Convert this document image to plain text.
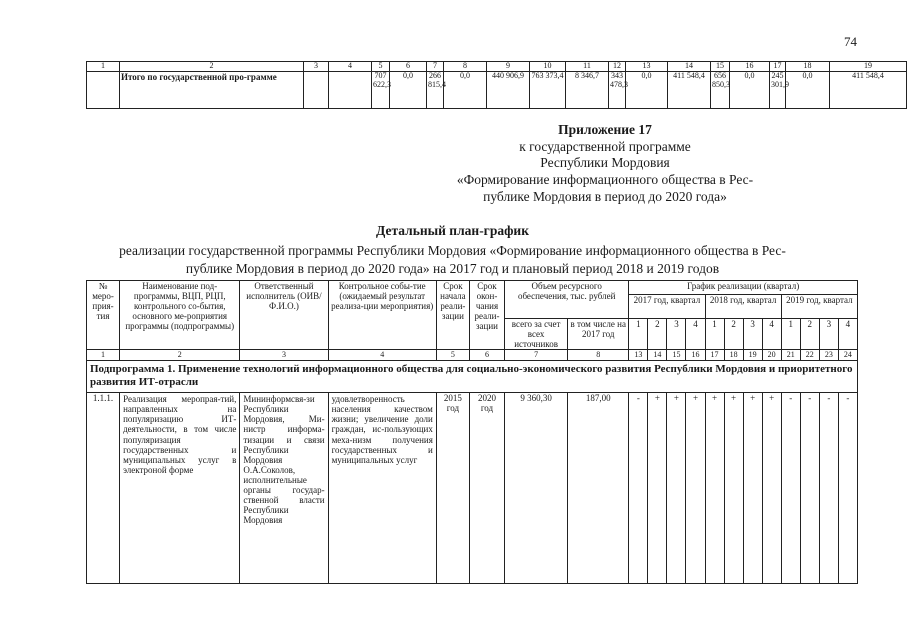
74
1	2	3	4	5	6	7	8	9	10	11	12	13	14	15	16	17	18	19
	Итого по государственной про-грамме			707 622,3	0,0	266 815,4	0,0	440 906,9	763 373,4	8 346,7	343 478,3	0,0	411 548,4	656 850,3	0,0	245 301,9	0,0	411 548,4
Приложение 17
к государственной программе
Республики Мордовия
«Формирование информационного общества в Рес-
публике Мордовия в период до 2020 года»
Детальный план-график
реализации государственной программы Республики Мордовия «Формирование информационного общества в Рес-
публике Мордовия в период до 2020 года» на 2017 год и плановый период 2018 и 2019 годов
№ меро-прия-тия	Наименование под-программы, ВЦП, РЦП, контрольного со-бытия, основного ме-роприятия программы (подпрограммы)	Ответственный исполнитель (ОИВ/ Ф.И.О.)	Контрольное собы-тие (ожидаемый результат реализа-ции мероприятия)	Срок начала реали-зации	Срок окон-чания реали-зации	Объем ресурсного обеспечения, тыс. рублей		График реализации (квартал)											
								2017 год, квартал				2018 год, квартал				2019 год, квартал			
						всего за счет всех источников	в том числе на 2017 год	1	2	3	4	1	2	3	4	1	2	3	4

1	2	3	4	5	6	7	8	13	14	15	16	17	18	19	20	21	22	23	24
Подпрограмма 1. Применение технологий информационного общества для социально-экономического развития Республики Мордовия и приоритетного развития ИТ-отрасли																			
1.1.1.	Реализация меропрая-тий, направленных на популяризацию ИТ-деятельности, в том числе популяризация государственных и муниципальных услуг в электроной форме	Мининформсвя-зи Республики Мордовия, Ми-нистр информа-тизации и связи Республики Мордовия О.А.Соколов, исполнительные органы государ-ственной власти Республики Мордовия	удовлетворенность населения качеством жизни; увеличение доли граждан, ис-пользующих меха-низм получения государственных и муниципальных услуг	2015 год	2020 год	9 360,30	187,00	-	+	+	+	+	+	+	+	-	-	-	-
